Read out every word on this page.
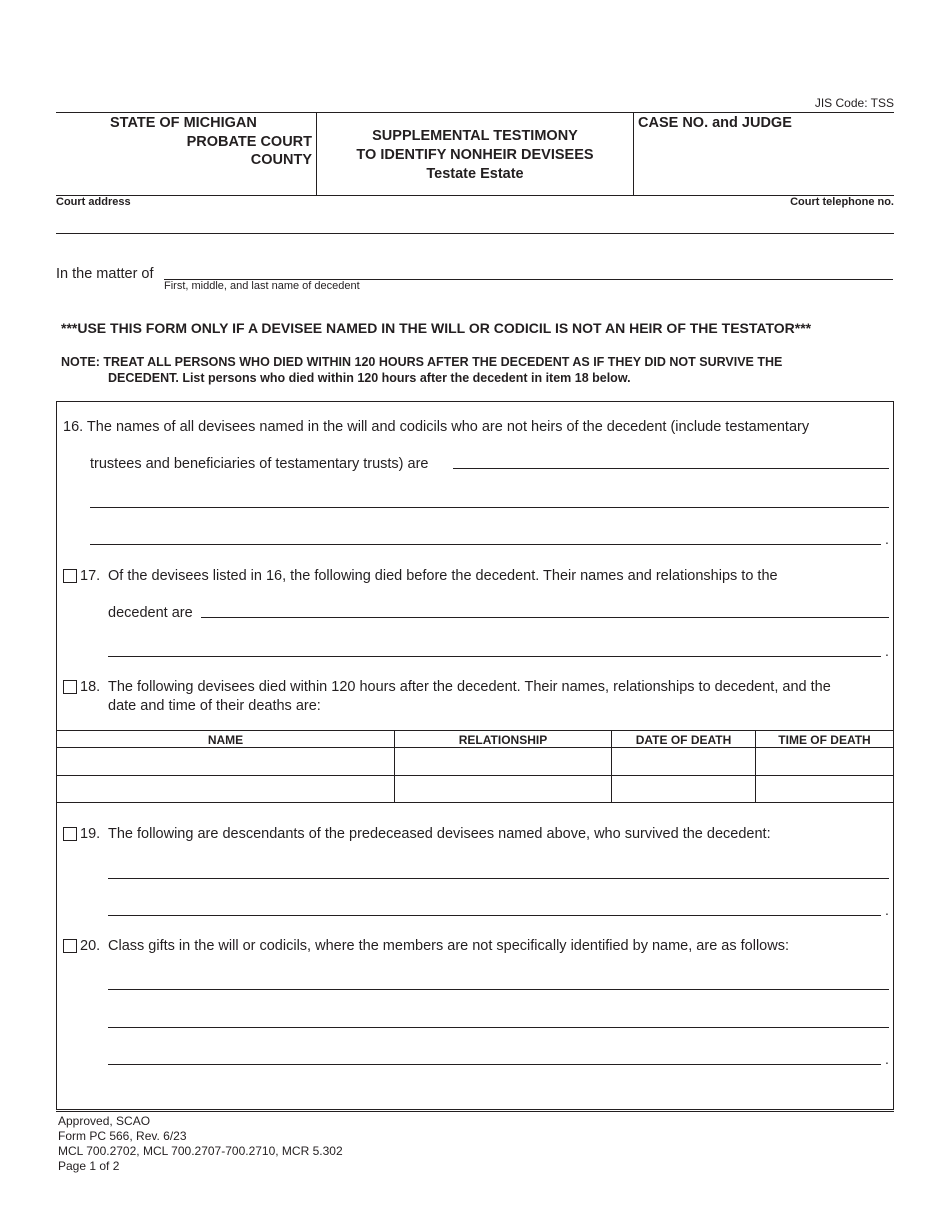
JIS Code: TSS
STATE OF MICHIGAN
PROBATE COURT
COUNTY
SUPPLEMENTAL TESTIMONY
TO IDENTIFY NONHEIR DEVISEES
Testate Estate
CASE NO. and JUDGE
Court address	Court telephone no.
In the matter of
First, middle, and last name of decedent
***USE THIS FORM ONLY IF A DEVISEE NAMED IN THE WILL OR CODICIL IS NOT AN HEIR OF THE TESTATOR***
NOTE: TREAT ALL PERSONS WHO DIED WITHIN 120 HOURS AFTER THE DECEDENT AS IF THEY DID NOT SURVIVE THE
DECEDENT. List persons who died within 120 hours after the decedent in item 18 below.
16. The names of all devisees named in the will and codicils who are not heirs of the decedent (include testamentary
trustees and beneficiaries of testamentary trusts) are
.
17. Of the devisees listed in 16, the following died before the decedent. Their names and relationships to the
decedent are
.
18. The following devisees died within 120 hours after the decedent. Their names, relationships to decedent, and the
date and time of their deaths are:
NAME	RELATIONSHIP	DATE OF DEATH	TIME OF DEATH
19. The following are descendants of the predeceased devisees named above, who survived the decedent:
.
20. Class gifts in the will or codicils, where the members are not specifically identified by name, are as follows:
.
Approved, SCAO
Form PC 566, Rev. 6/23
MCL 700.2702, MCL 700.2707-700.2710, MCR 5.302
Page 1 of 2
